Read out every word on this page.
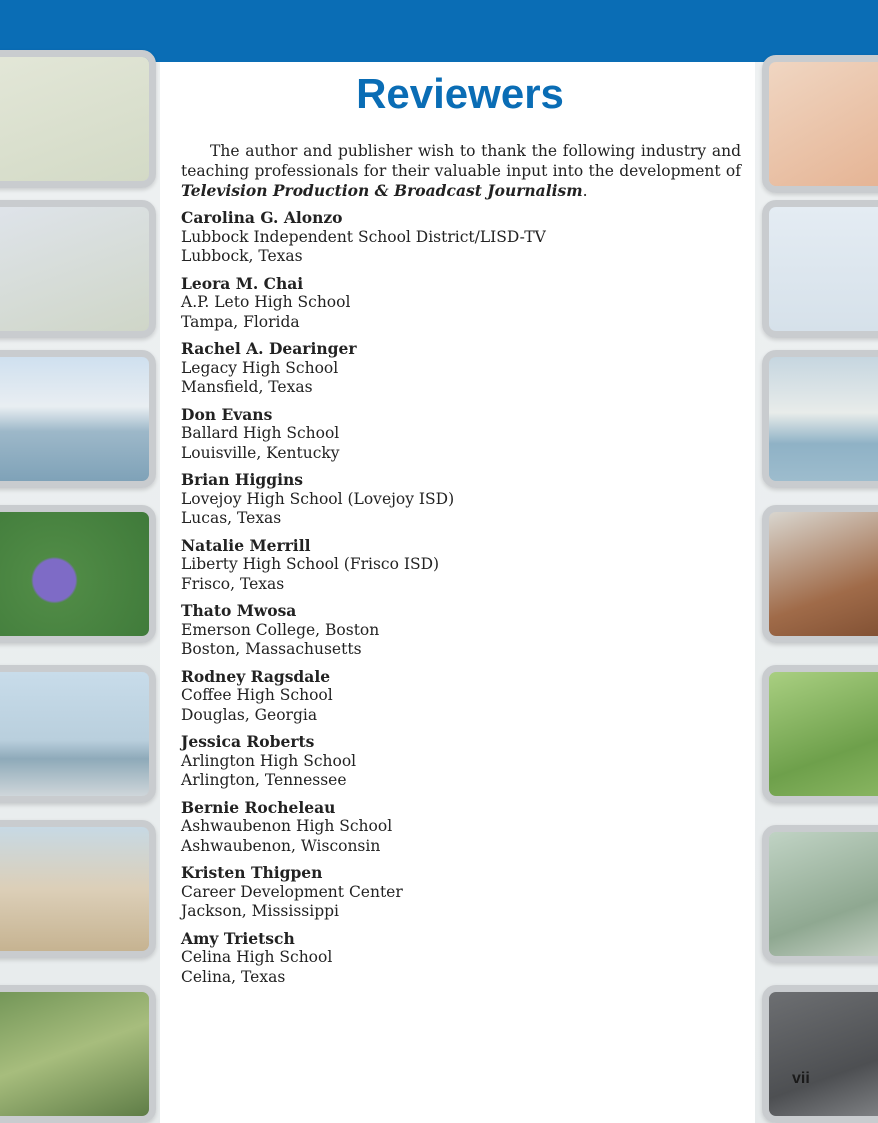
Reviewers

The author and publisher wish to thank the following industry and teaching professionals for their valuable input into the development of Television Production & Broadcast Journalism.

Carolina G. Alonzo
Lubbock Independent School District/LISD-TV
Lubbock, Texas
Leora M. Chai
A.P. Leto High School
Tampa, Florida
Rachel A. Dearinger
Legacy High School
Mansfield, Texas
Don Evans
Ballard High School
Louisville, Kentucky
Brian Higgins
Lovejoy High School (Lovejoy ISD)
Lucas, Texas
Natalie Merrill
Liberty High School (Frisco ISD)
Frisco, Texas
Thato Mwosa
Emerson College, Boston
Boston, Massachusetts
Rodney Ragsdale
Coffee High School
Douglas, Georgia
Jessica Roberts
Arlington High School
Arlington, Tennessee
Bernie Rocheleau
Ashwaubenon High School
Ashwaubenon, Wisconsin
Kristen Thigpen
Career Development Center
Jackson, Mississippi
Amy Trietsch
Celina High School
Celina, Texas
vii
